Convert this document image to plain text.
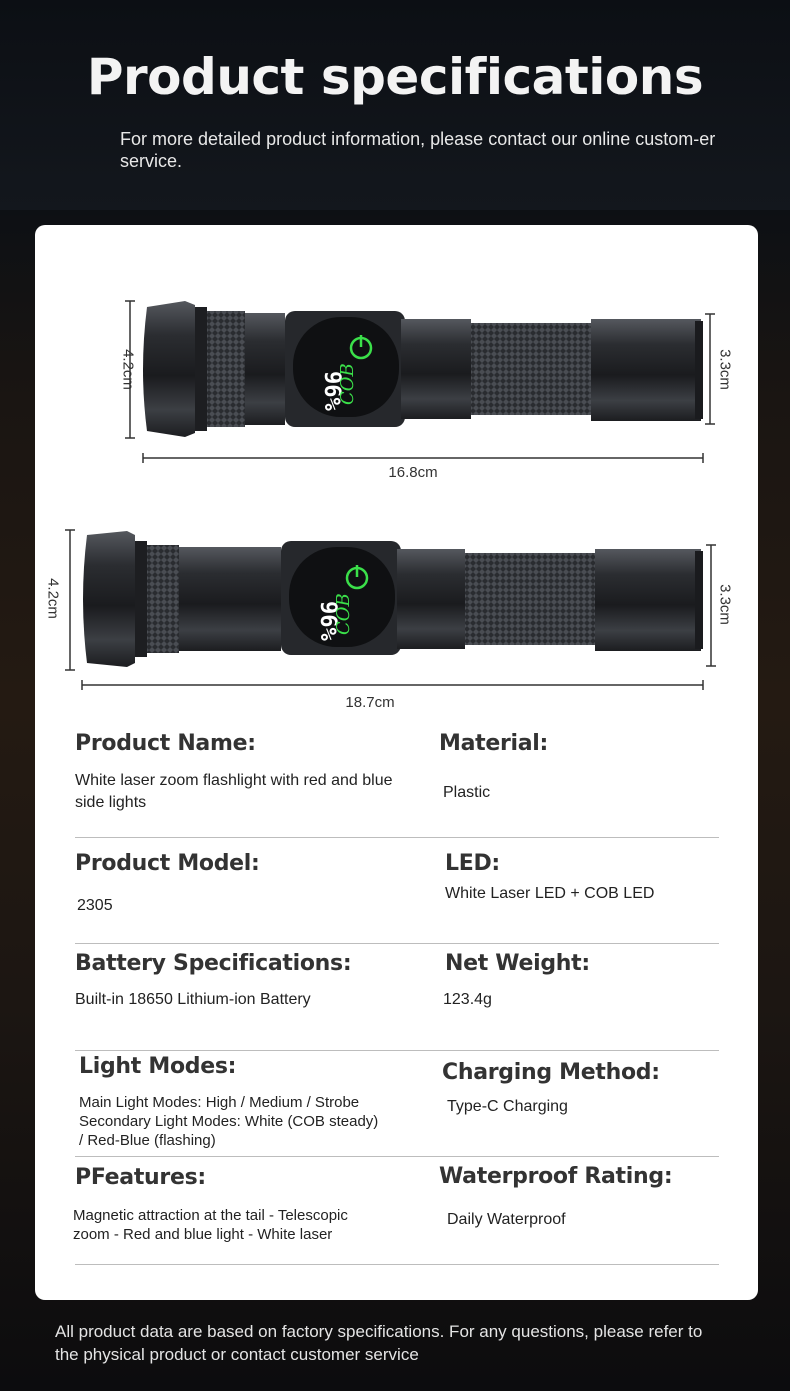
Product specifications
For more detailed product information, please contact our online custom-er service.
96%
COB
4.2cm	3.3cm
16.8cm
96%
COB
4.2cm	3.3cm
18.7cm
Product Name:
White laser zoom flashlight with red and blue side lights
Material:
Plastic
Product Model:
2305
LED:
White Laser LED + COB LED
Battery Specifications:
Built-in 18650 Lithium-ion Battery
Net Weight:
123.4g
Light Modes:
Main Light Modes: High / Medium / Strobe
Secondary Light Modes: White (COB steady)
/ Red-Blue (flashing)
Charging Method:
Type-C Charging
PFeatures:
Magnetic attraction at the tail - Telescopic
zoom - Red and blue light - White laser
Waterproof Rating:
Daily Waterproof
All product data are based on factory specifications. For any questions, please refer to
the physical product or contact customer service
